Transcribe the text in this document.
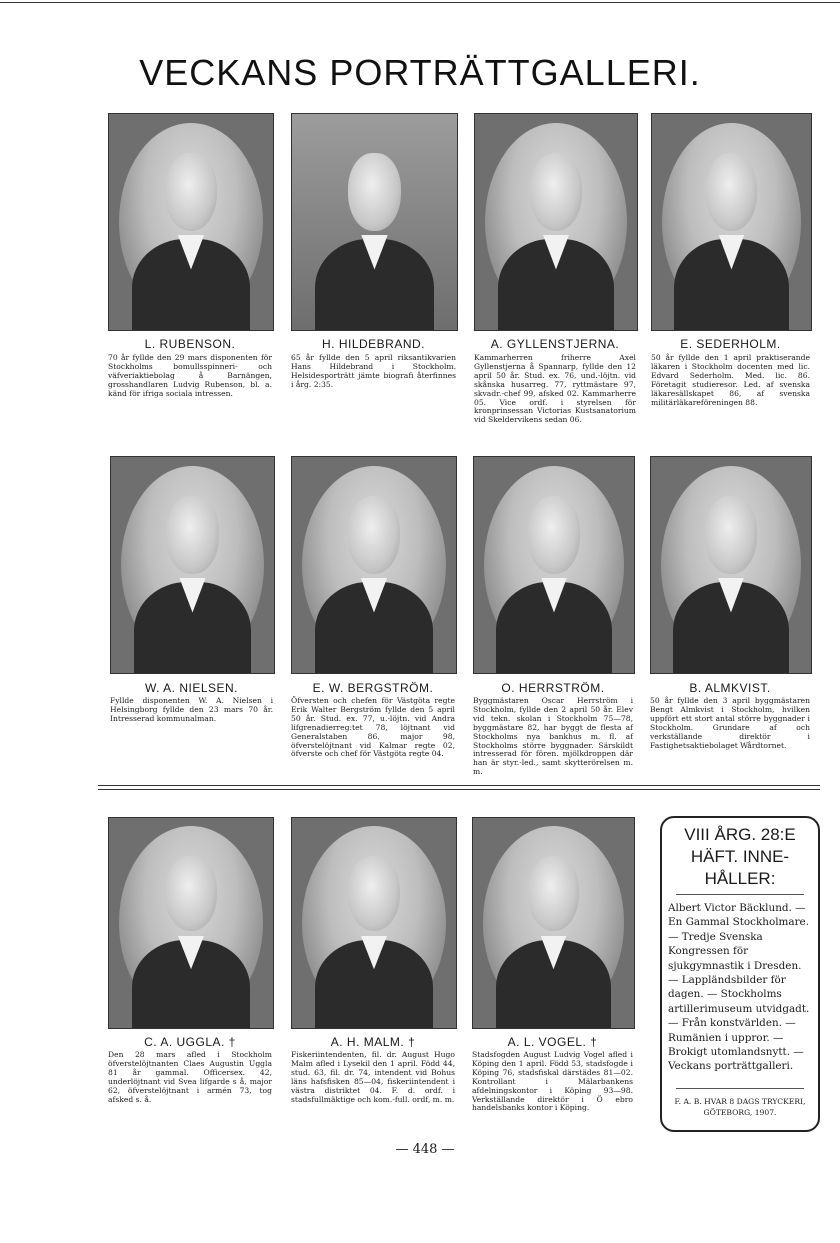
VECKANS PORTRÄTTGALLERI.
L. RUBENSON.	H. HILDEBRAND.	A. GYLLENSTJERNA.	E. SEDERHOLM.
70 år fyllde den 29 mars disponenten för Stockholms bomullsspinneri- och väfveriaktiebolag å Barnängen, grosshandlaren Ludvig Rubenson, bl. a. känd för ifriga sociala intressen.
65 år fyllde den 5 april riksantikvarien Hans Hildebrand i Stockholm. Helsidesporträtt jämte biografi återfinnes i årg. 2:35.
Kammarherren friherre Axel Gyllenstjerna å Spannarp, fyllde den 12 april 50 år. Stud. ex. 76, und.-löjtn. vid skånska husarreg. 77, ryttmästare 97, skvadr.-chef 99, afsked 02. Kammarherre 05. Vice ordf. i styrelsen för kronprinsessan Victorias Kustsanatorium vid Skeldervikens sedan 06.
50 år fyllde den 1 april praktiserande läkaren i Stockholm docenten med lic. Edvard Sederholm. Med. lic. 86. Företagit studieresor. Led. af svenska läkaresällskapet 86, af svenska militärläkareföreningen 88.
W. A. NIELSEN.	E. W. BERGSTRÖM.	O. HERRSTRÖM.	B. ALMKVIST.
Fyllde disponenten W. A. Nielsen i Helsingborg fyllde den 23 mars 70 år. Intresserad kommunalman.
Öfversten och chefen för Västgöta regte Erik Walter Bergström fyllde den 5 april 50 år. Stud. ex. 77, u.-löjtn. vid Andra lifgrenadierreg:tet 78, löjtnant vid Generalstaben 86, major 98, öfverstelöjtnant vid Kalmar regte 02, öfverste och chef för Västgöta regte 04.
Byggmästaren Oscar Herrström i Stockholm, fyllde den 2 april 50 år. Elev vid tekn. skolan i Stockholm 75—78, byggmästare 82, har byggt de flesta af Stockholms nya bankhus m. fl. af Stockholms större byggnader. Särskildt intresserad för fören. mjölkdroppen där han är styr.-led., samt skytterörelsen m. m.
50 år fyllde den 3 april byggmästaren Bengt Almkvist i Stockholm, hvilken uppfört ett stort antal större byggnader i Stockholm. Grundare af och verkställande direktör i Fastighetsaktiebolaget Wårdtornet.
C. A. UGGLA. †	A. H. MALM. †	A. L. VOGEL. †
Den 28 mars afled i Stockholm öfverstelöjtnanten Claes Augustin Uggla 81 år gammal. Officersex. 42, underlöjtnant vid Svea lifgarde s å, major 62, öfverstelöjtnant i armén 73, tog afsked s. å.
Fiskeriintendenten, fil. dr. August Hugo Malm afled i Lysekil den 1 april. Född 44, stud. 63, fil. dr. 74, intendent vid Bohus läns hafsfisken 85—04, fiskeriintendent i västra distriktet 04. F. d. ordf. i stadsfullmäktige och kom.-full. ordf, m. m.
Stadsfogden August Ludvig Vogel afled i Köping den 1 april. Född 53, stadsfogde i Köping 76, stadsfiskal därstädes 81—02. Kontrollant i Mälarbankens afdelningskontor i Köping 93—98. Verkställande direktör i Ö ebro handelsbanks kontor i Köping.
VIII ÅRG. 28:E
HÄFT. INNE-
HÅLLER:
Albert Victor Bäcklund. — En Gammal Stockholmare. — Tredje Svenska Kongressen för sjukgymnastik i Dresden. — Lappländsbilder för dagen. — Stockholms artillerimuseum utvidgadt. — Från konstvärlden. — Rumänien i uppror. — Brokigt utomlandsnytt. — Veckans porträttgalleri.
F. A. B. HVAR 8 DAGS TRYCKERI, GÖTEBORG, 1907.
— 448 —
